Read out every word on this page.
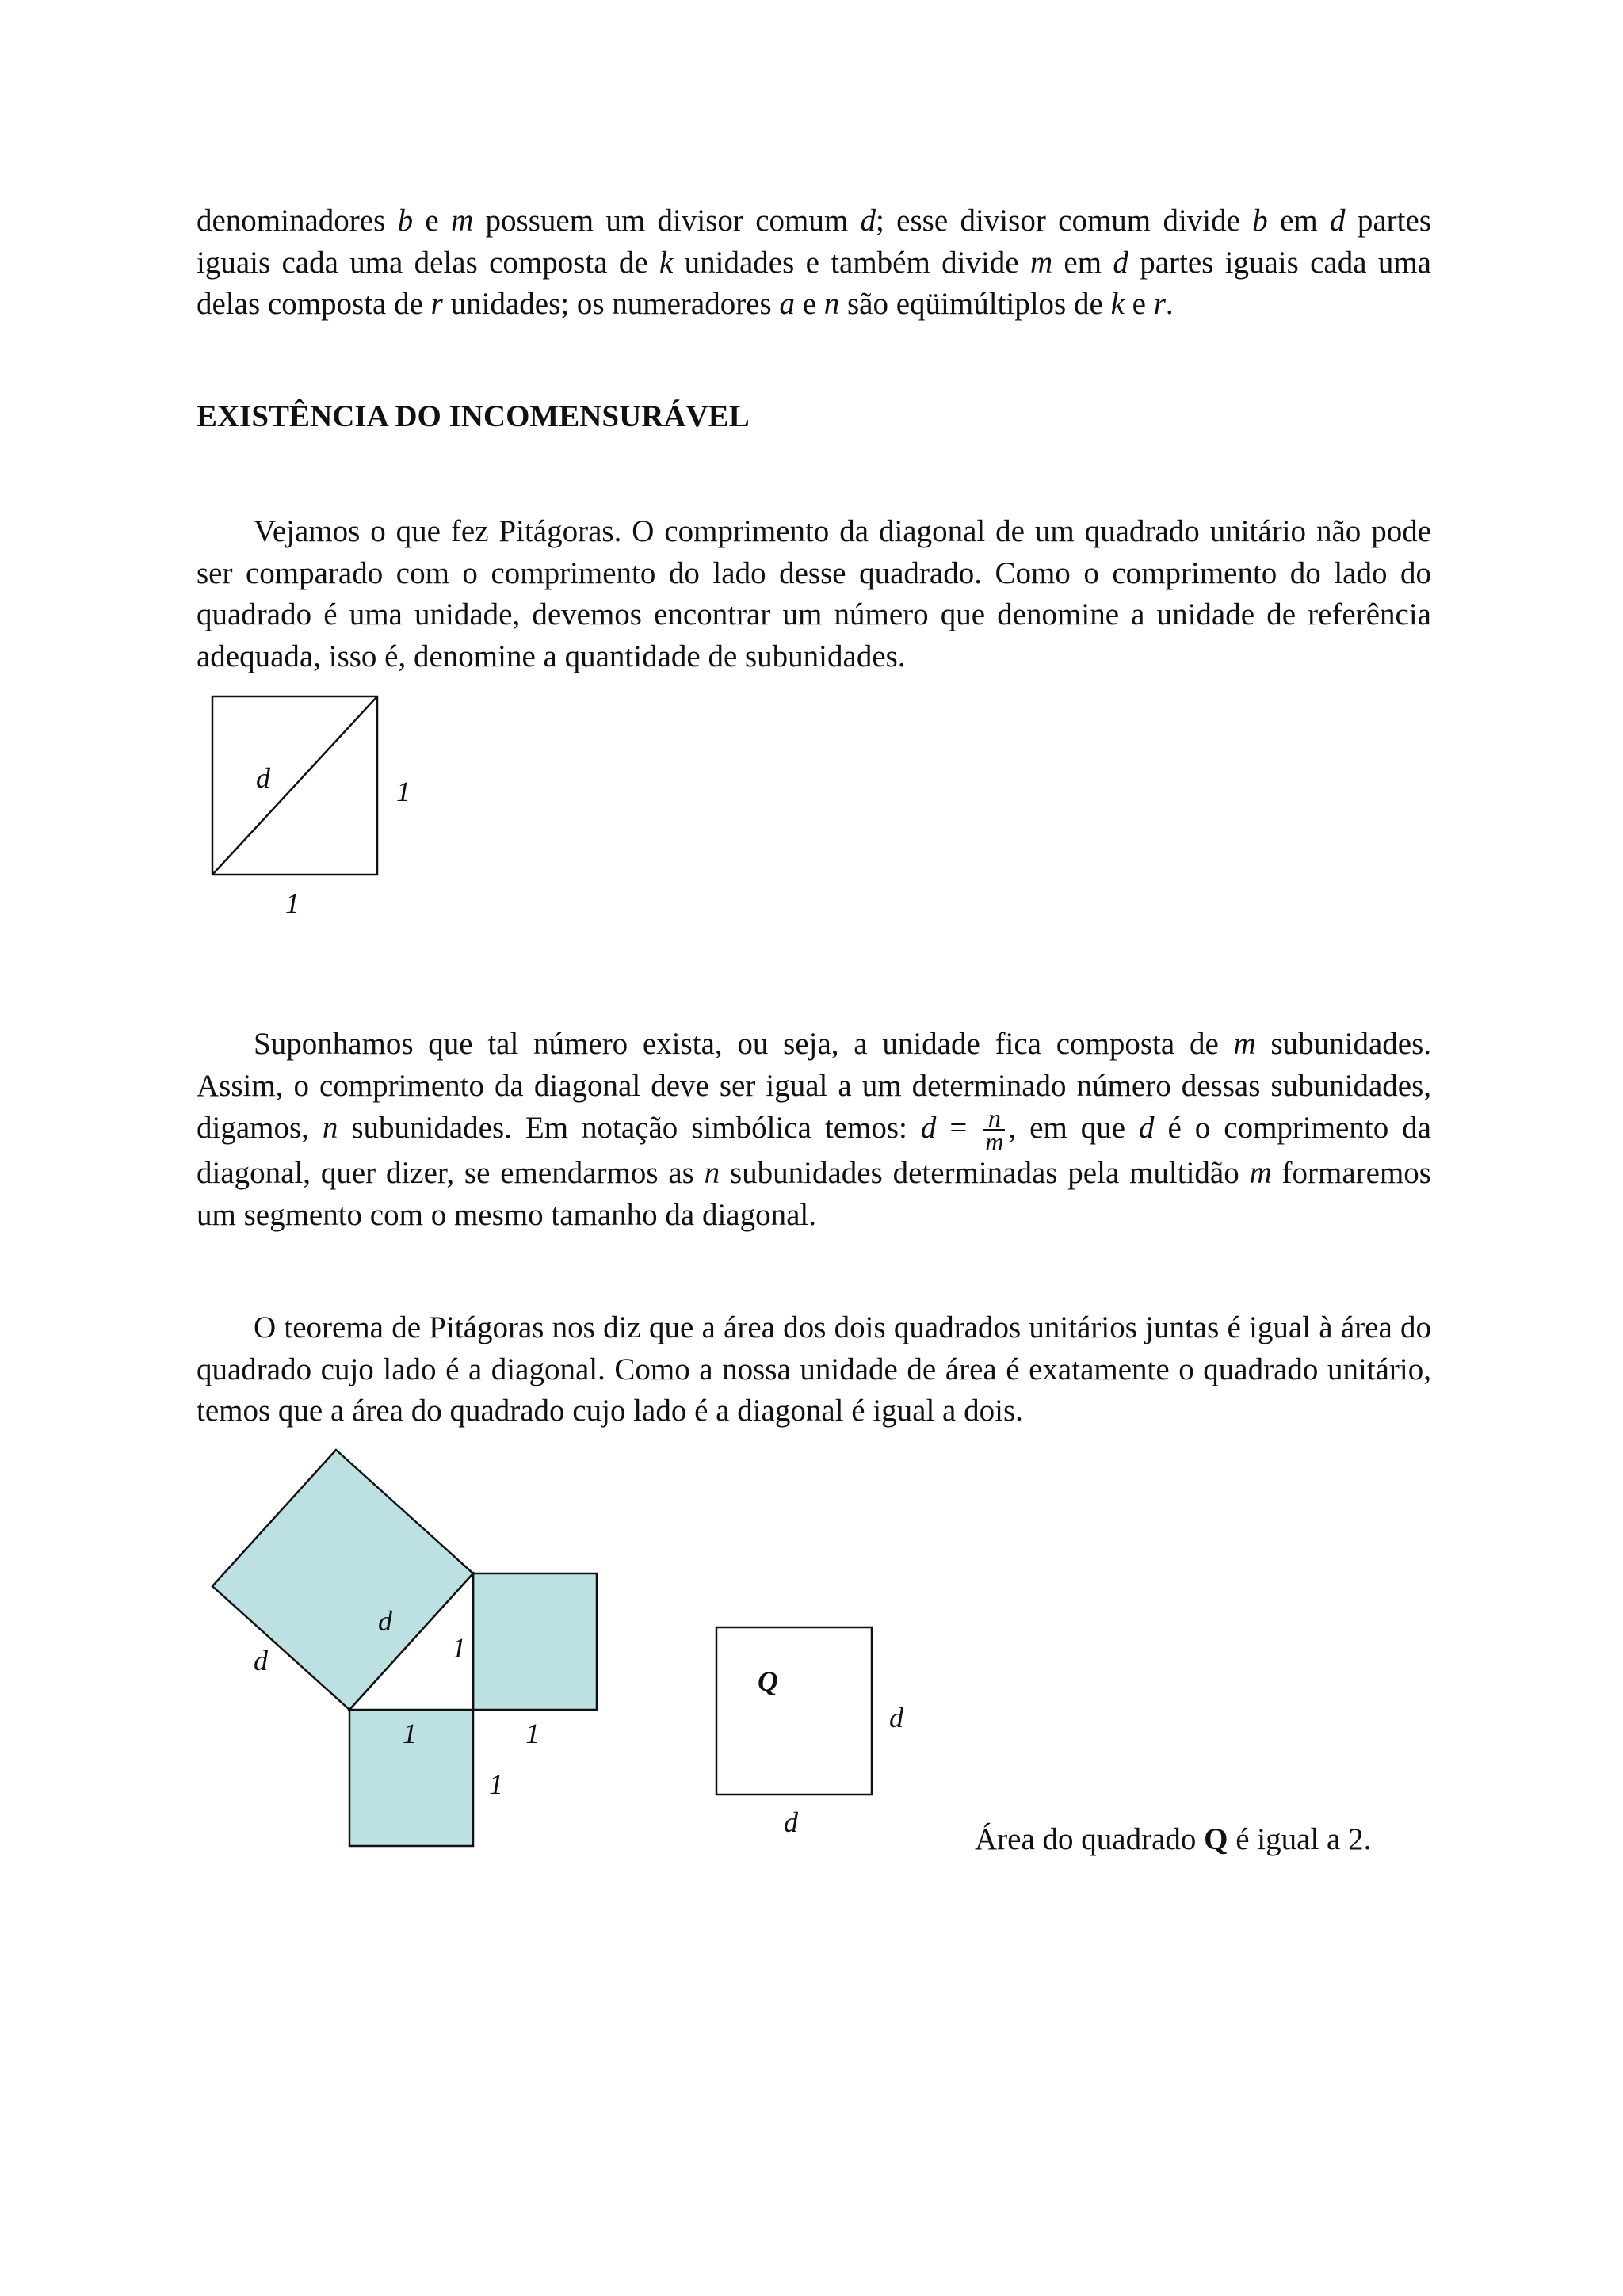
denominadores b e m possuem um divisor comum d; esse divisor comum divide b em d partes iguais cada uma delas composta de k unidades e também divide m em d partes iguais cada uma delas composta de r unidades; os numeradores a e n são eqüimúltiplos de k e r.

EXISTÊNCIA DO INCOMENSURÁVEL

Vejamos o que fez Pitágoras. O comprimento da diagonal de um quadrado unitário não pode ser comparado com o comprimento do lado desse quadrado. Como o comprimento do lado do quadrado é uma unidade, devemos encontrar um número que denomine a unidade de referência adequada, isso é, denomine a quantidade de subunidades.

d	1
1
d
d	1
1	1
1
Q
d
d

Suponhamos que tal número exista, ou seja, a unidade fica composta de m subunidades. Assim, o comprimento da diagonal deve ser igual a um determinado número dessas subunidades, digamos, n subunidades. Em notação simbólica temos: $d = \frac{n}{m}$ , em que d é o comprimento da diagonal, quer dizer, se emendarmos as n subunidades determinadas pela multidão m formaremos um segmento com o mesmo tamanho da diagonal.

O teorema de Pitágoras nos diz que a área dos dois quadrados unitários juntas é igual à área do quadrado cujo lado é a diagonal. Como a nossa unidade de área é exatamente o quadrado unitário, temos que a área do quadrado cujo lado é a diagonal é igual a dois.

Área do quadrado Q é igual a 2.
